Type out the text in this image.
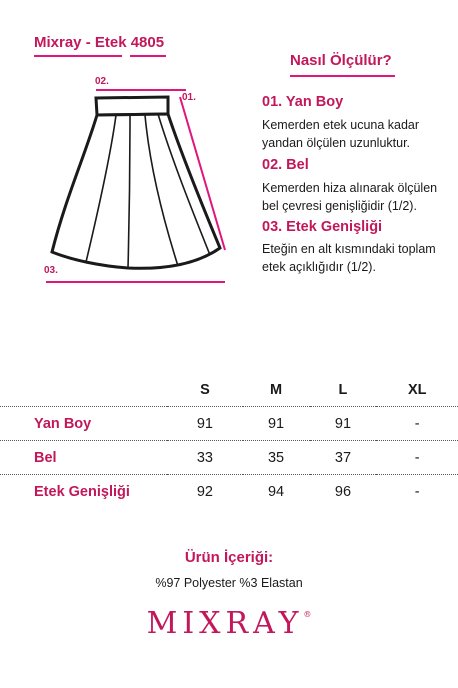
Mixray - Etek 4805
02.
01.
03.
Nasıl Ölçülür?
01. Yan Boy
Kemerden etek ucuna kadar yandan ölçülen uzunluktur.
02. Bel
Kemerden hiza alınarak ölçülen bel çevresi genişliğidir (1/2).
03. Etek Genişliği
Eteğin en alt kısmındaki toplam etek açıklığıdır (1/2).
	S	M	L	XL
Yan Boy	91	91	91	-
Bel	33	35	37	-
Etek Genişliği	92	94	96	-
Ürün İçeriği:
%97 Polyester %3 Elastan
MIXRAY®
